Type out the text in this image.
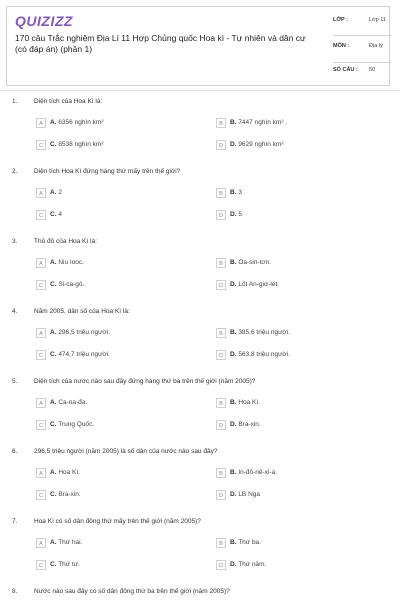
QUIZIZZ
170 câu Trắc nghiệm Địa Lí 11 Hợp Chủng quốc Hoa kì - Tự nhiên và dân cư (có đáp án) (phần 1)
LỚP :	Lớp 11
MÔN :	Địa lý
SỐ CÂU : 50
1.	Diện tích của Hoa Kì là:
A	A. 6356 nghìn km²	B	B. 7447 nghìn km² .
C	C. 8538 nghìn km²	D	D. 9629 nghìn km²
2.	Diện tích Hoa Kì đứng hàng thứ mấy trên thế giới?
A	A. 2	B	B. 3
C	C. 4	D	D. 5
3.	Thủ đô của Hoa Kì là:
A	A. Niu Iooc.	B	B. Oa-sin-tơn.
C	C. Si-ca-gô.	D	D. Lốt An-giơ-lét.
4.	Năm 2005, dân số của Hoa Kì là:
A	A. 296,5 triệu người.	B	B. 385,6 triệu người.
C	C. 474,7 triệu người.	D	D. 563,8 triệu người.
5.	Diện tích của nước nào sau đây đứng hàng thứ ba trên thế giới (năm 2005)?
A	A. Ca-na-đa.	B	B. Hoa Kì.
C	C. Trung Quốc.	D	D. Bra-xin.
6.	296,5 triệu người (năm 2005) là số dân của nước nào sau đây?
A	A. Hoa Kì.	B	B. In-đô-nê-xi-a.
C	C. Bra-xin.	D	D. LB Nga
7.	Hoa Kì có số dân đông thứ mấy trên thế giới (năm 2005)?
A	A. Thứ hai.	B	B. Thứ ba.
C	C. Thứ tư.	D	D. Thứ năm.
8.	Nước nào sau đây có số dân đông thứ ba trên thế giới (năm 2005)?
